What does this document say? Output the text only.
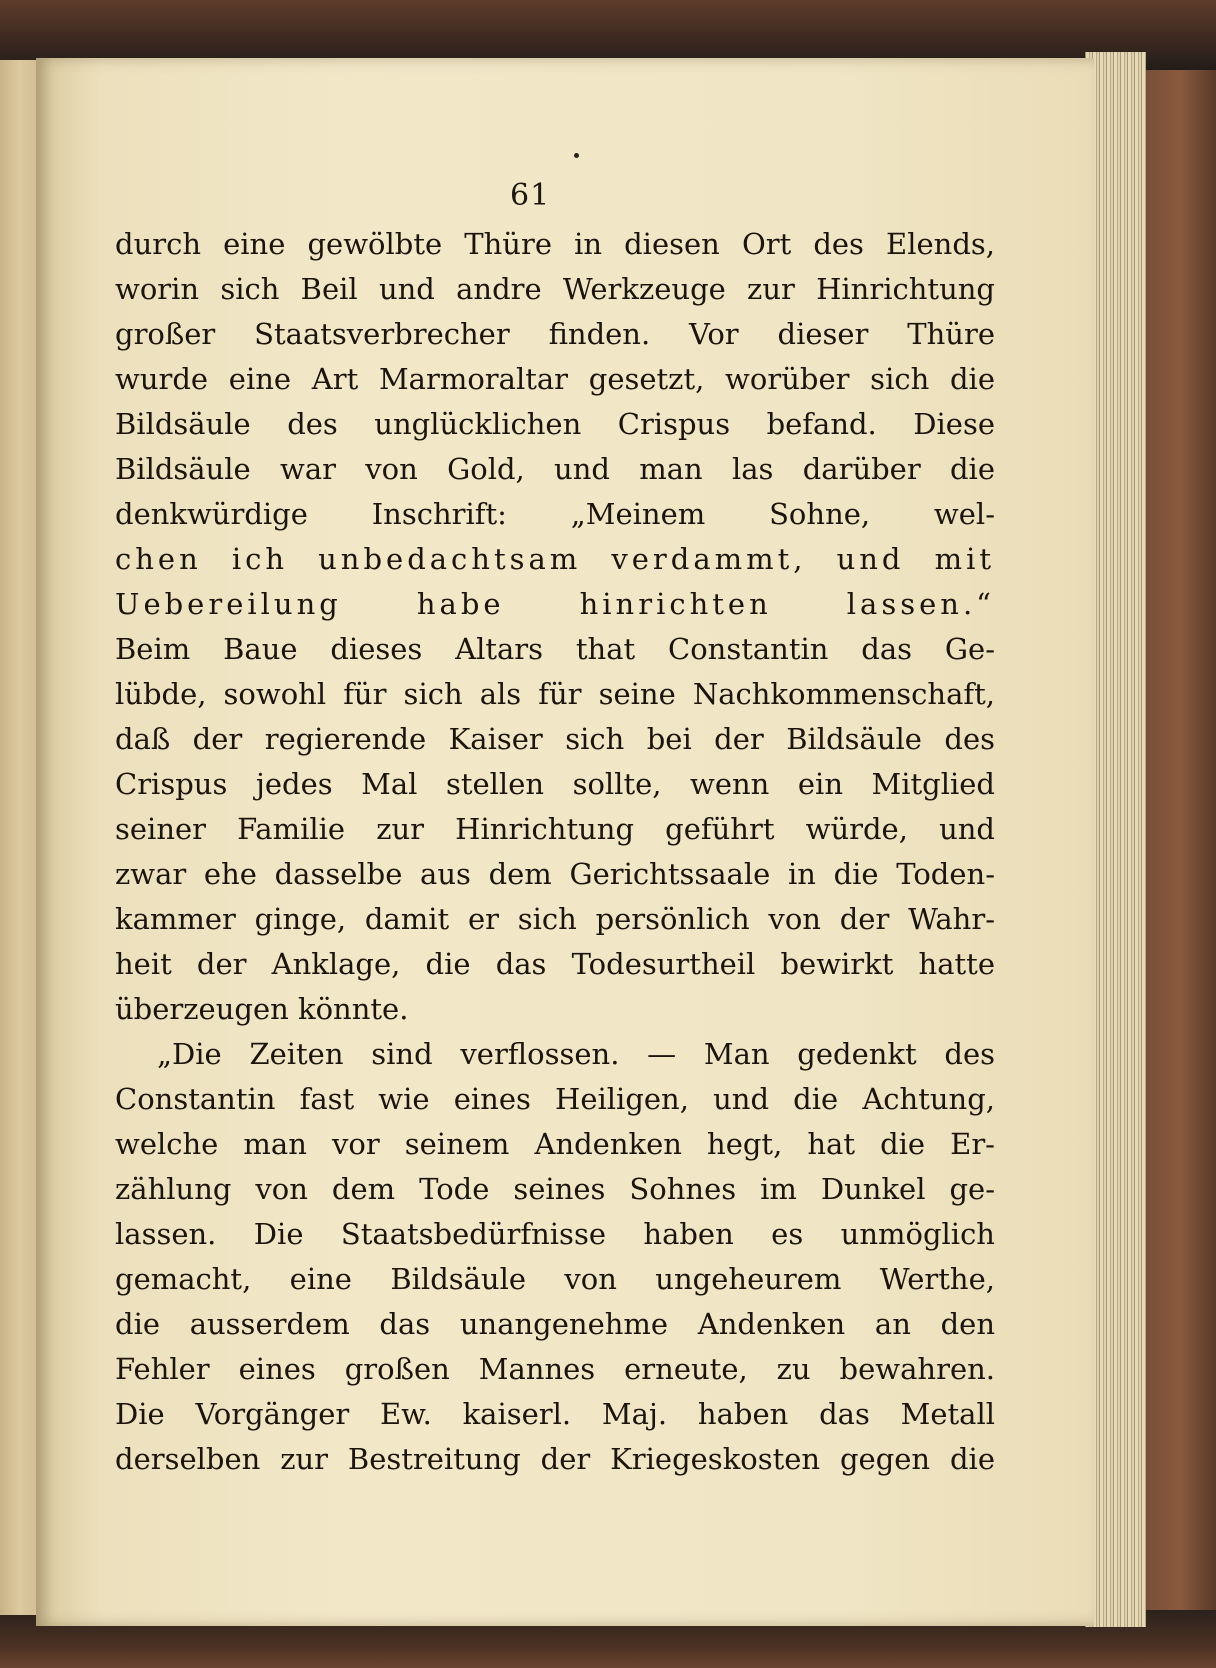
61
durch eine gewölbte Thüre in diesen Ort des Elends,
worin sich Beil und andre Werkzeuge zur Hinrichtung
großer Staatsverbrecher finden. Vor dieser Thüre
wurde eine Art Marmoraltar gesetzt, worüber sich die
Bildsäule des unglücklichen Crispus befand. Diese
Bildsäule war von Gold, und man las darüber die
denkwürdige Inschrift: „Meinem Sohne, wel-
chen ich unbedachtsam verdammt, und mit
Uebereilung habe hinrichten lassen.“
Beim Baue dieses Altars that Constantin das Ge-
lübde, sowohl für sich als für seine Nachkommenschaft,
daß der regierende Kaiser sich bei der Bildsäule des
Crispus jedes Mal stellen sollte, wenn ein Mitglied
seiner Familie zur Hinrichtung geführt würde, und
zwar ehe dasselbe aus dem Gerichtssaale in die Toden-
kammer ginge, damit er sich persönlich von der Wahr-
heit der Anklage, die das Todesurtheil bewirkt hatte
überzeugen könnte.
„Die Zeiten sind verflossen. — Man gedenkt des
Constantin fast wie eines Heiligen, und die Achtung,
welche man vor seinem Andenken hegt, hat die Er-
zählung von dem Tode seines Sohnes im Dunkel ge-
lassen. Die Staatsbedürfnisse haben es unmöglich
gemacht, eine Bildsäule von ungeheurem Werthe,
die ausserdem das unangenehme Andenken an den
Fehler eines großen Mannes erneute, zu bewahren.
Die Vorgänger Ew. kaiserl. Maj. haben das Metall
derselben zur Bestreitung der Kriegeskosten gegen die
